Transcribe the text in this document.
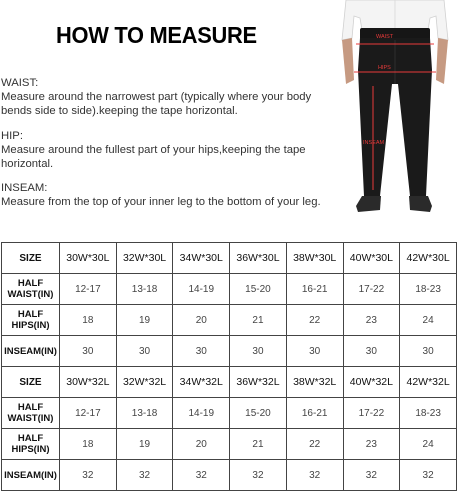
HOW TO MEASURE

WAIST:
Measure around the narrowest part (typically where your body bends side to side).keeping the tape horizontal.

HIP:
Measure around the fullest part of your hips,keeping the tape horizontal.

INSEAM:
Measure from the top of your inner leg to the bottom of your leg.

WAIST
HIPS
INSEAM
SIZE	30W*30L	32W*30L	34W*30L	36W*30L	38W*30L	40W*30L	42W*30L
HALF
WAIST(IN)	12-17	13-18	14-19	15-20	16-21	17-22	18-23
HALF
HIPS(IN)	18	19	20	21	22	23	24
INSEAM(IN)	30	30	30	30	30	30	30
SIZE	30W*32L	32W*32L	34W*32L	36W*32L	38W*32L	40W*32L	42W*32L
HALF
WAIST(IN)	12-17	13-18	14-19	15-20	16-21	17-22	18-23
HALF
HIPS(IN)	18	19	20	21	22	23	24
INSEAM(IN)	32	32	32	32	32	32	32
